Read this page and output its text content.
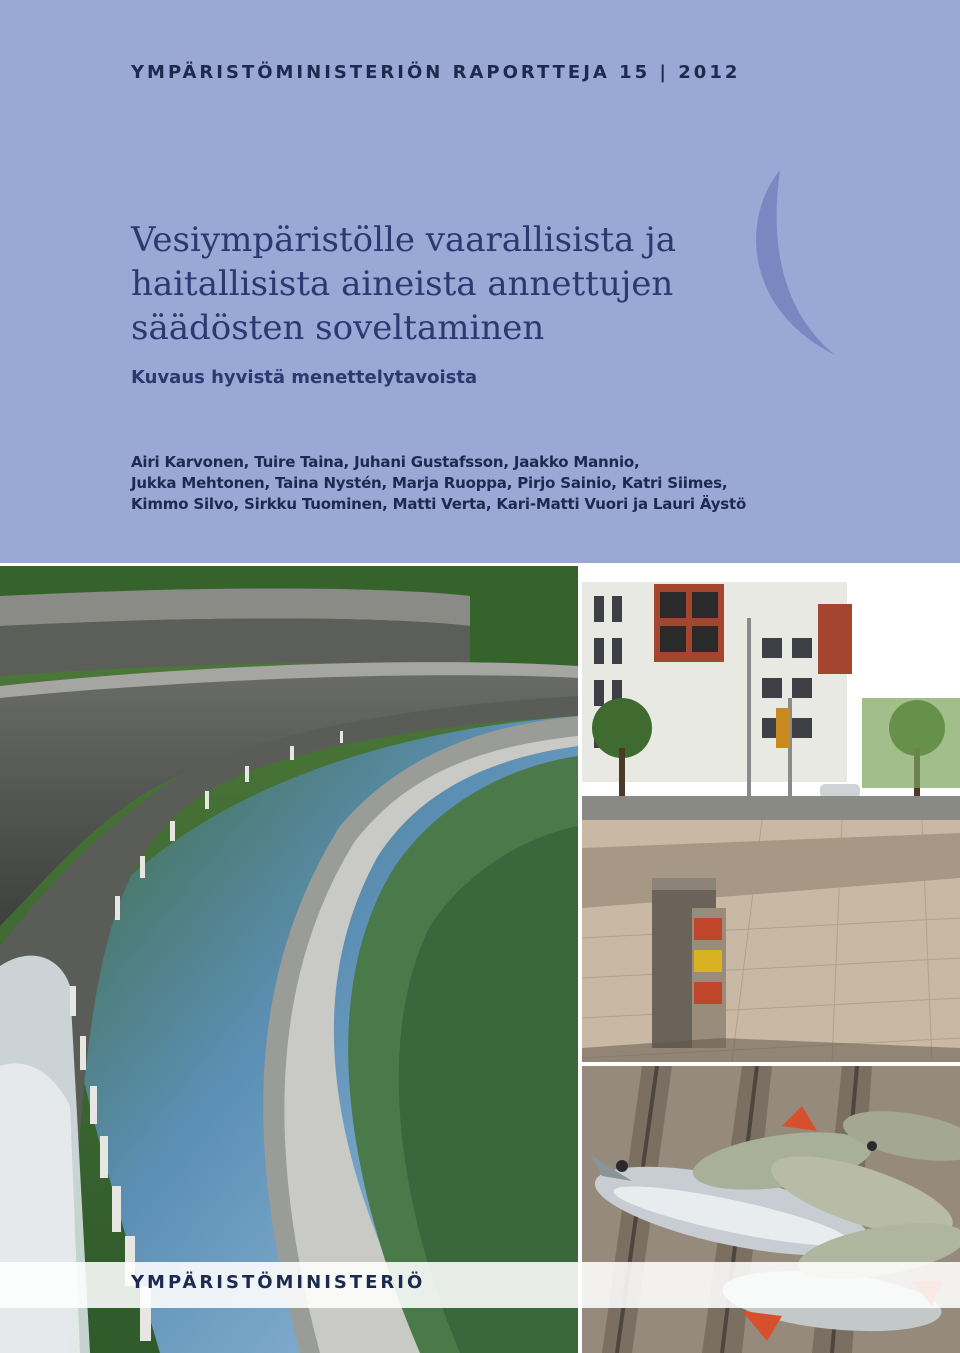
YMPÄRISTÖMINISTERIÖN RAPORTTEJA 15 | 2012
Vesiympäristölle vaarallisista ja
haitallisista aineista annettujen
säädösten soveltaminen
Kuvaus hyvistä menettelytavoista
Airi Karvonen, Tuire Taina, Juhani Gustafsson, Jaakko Mannio,
Jukka Mehtonen, Taina Nystén, Marja Ruoppa, Pirjo Sainio, Katri Siimes,
Kimmo Silvo, Sirkku Tuominen, Matti Verta, Kari-Matti Vuori ja Lauri Äystö
YMPÄRISTÖMINISTERIÖ
